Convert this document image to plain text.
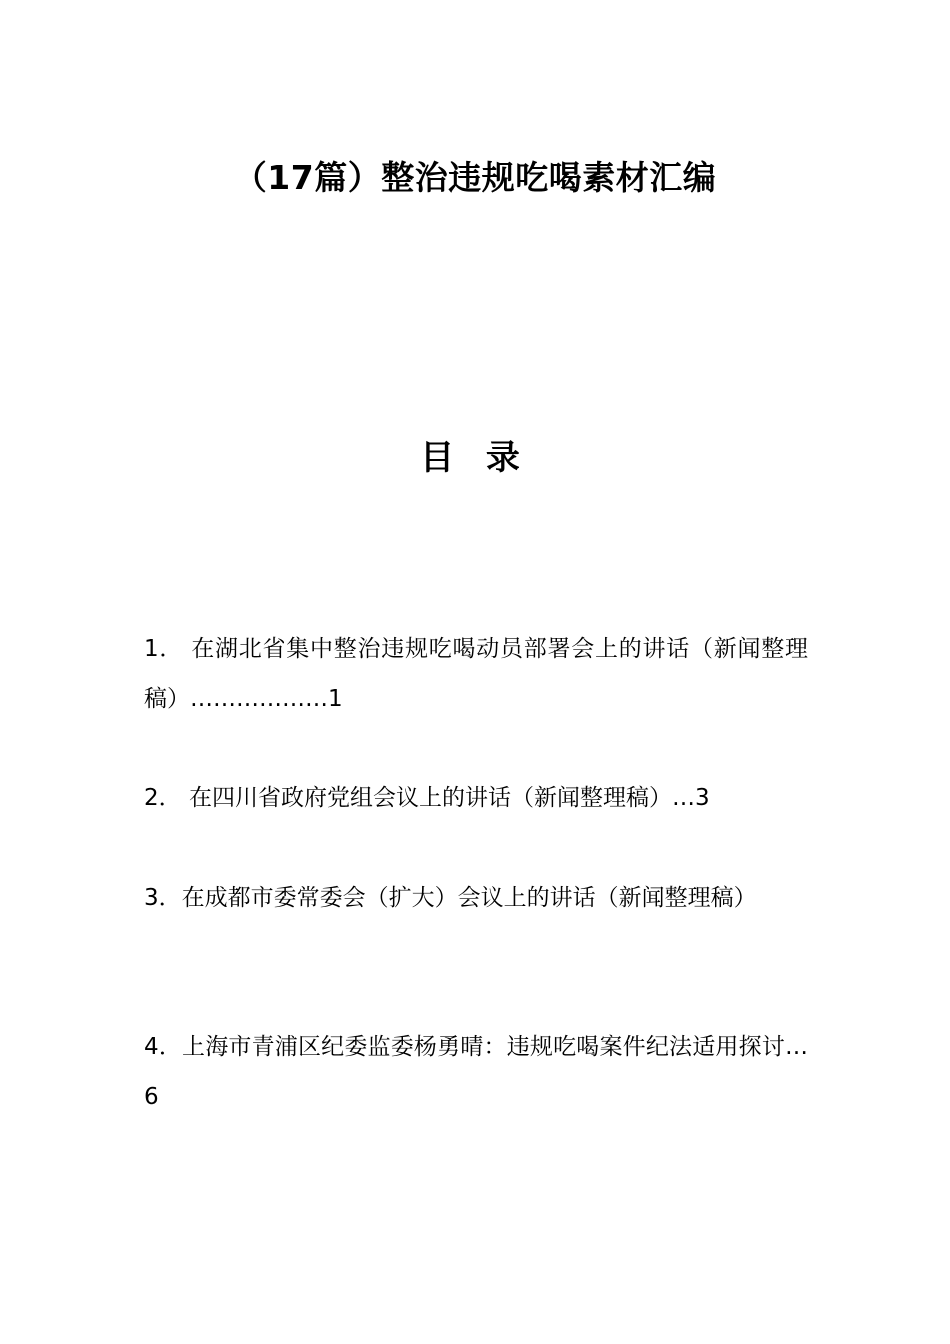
（17篇）整治违规吃喝素材汇编
目 录
1． 在湖北省集中整治违规吃喝动员部署会上的讲话（新闻整理稿）………………1
2． 在四川省政府党组会议上的讲话（新闻整理稿）…3
3．在成都市委常委会（扩大）会议上的讲话（新闻整理稿）
4．上海市青浦区纪委监委杨勇晴：违规吃喝案件纪法适用探讨…6
